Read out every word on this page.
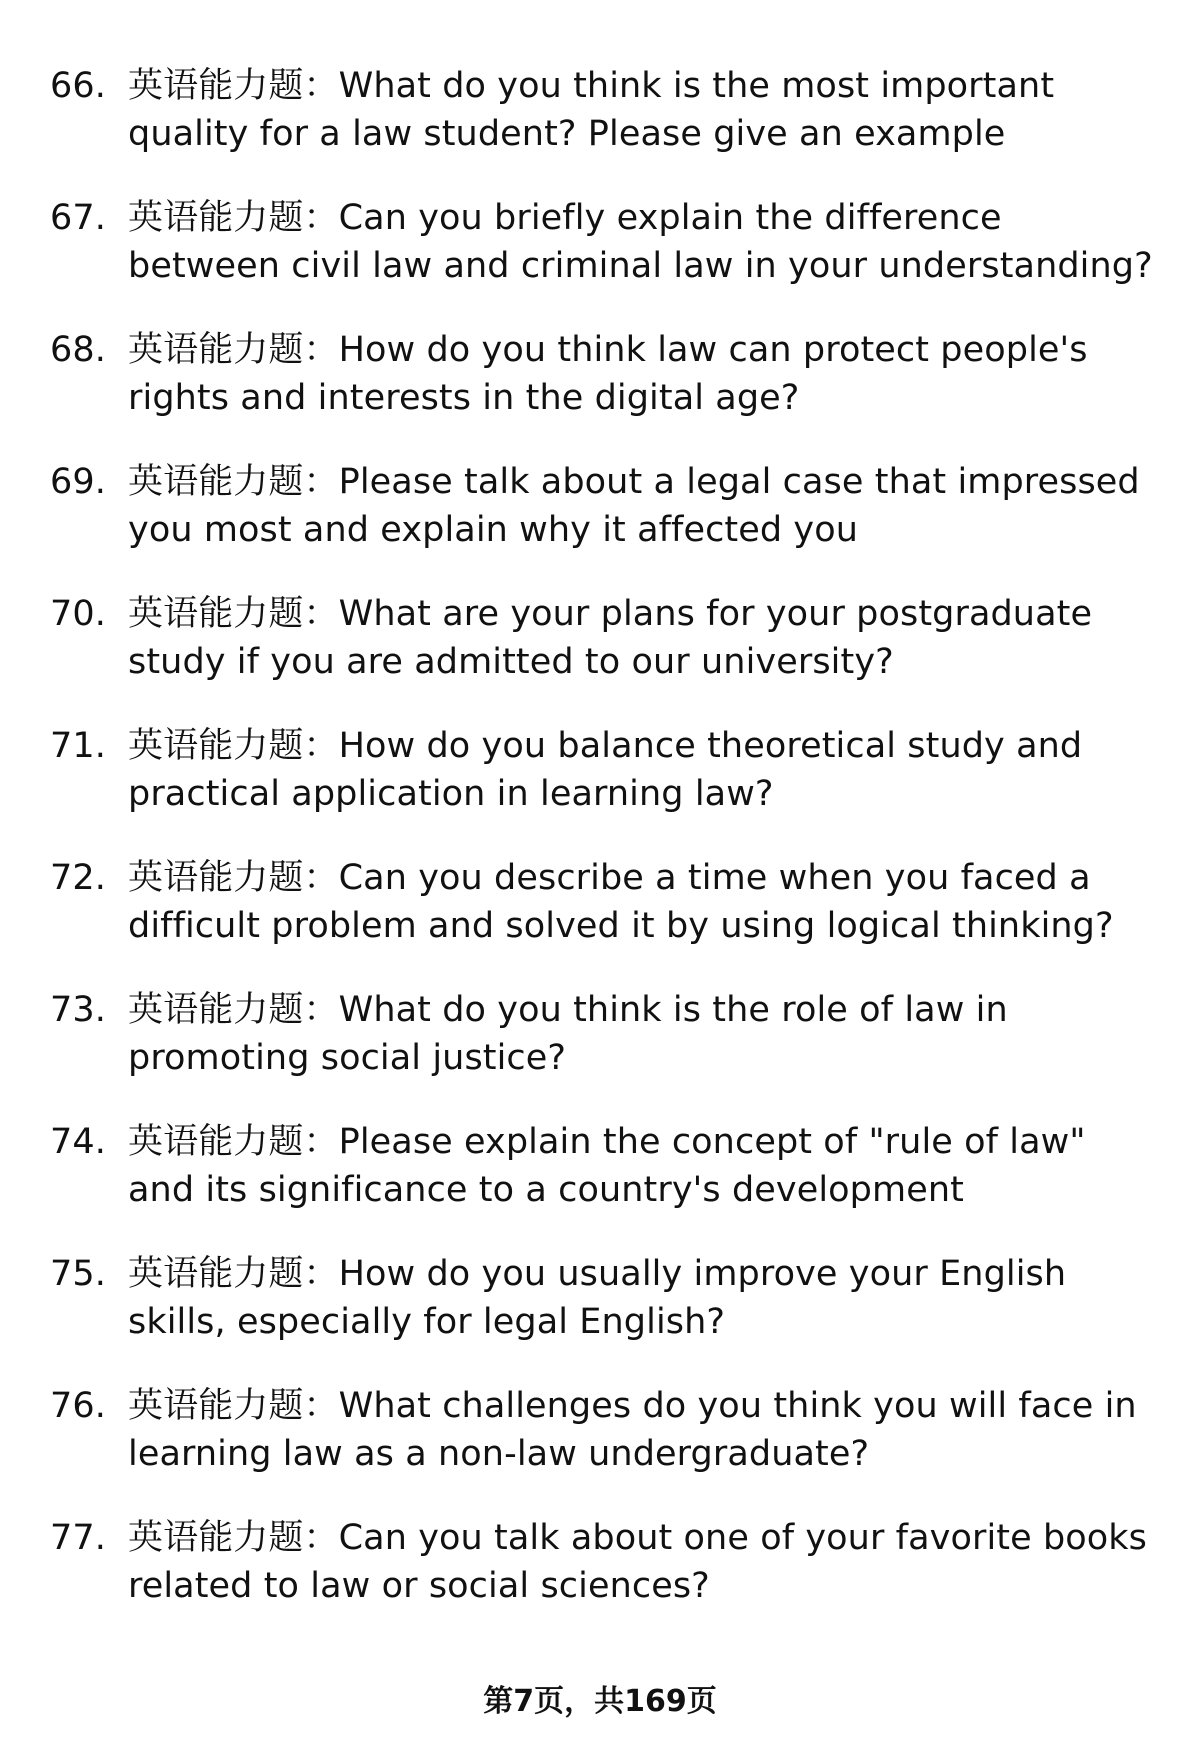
66. 英语能力题：What do you think is the most important quality for a law student? Please give an example
67. 英语能力题：Can you briefly explain the difference between civil law and criminal law in your understanding?
68. 英语能力题：How do you think law can protect people's rights and interests in the digital age?
69. 英语能力题：Please talk about a legal case that impressed you most and explain why it affected you
70. 英语能力题：What are your plans for your postgraduate study if you are admitted to our university?
71. 英语能力题：How do you balance theoretical study and practical application in learning law?
72. 英语能力题：Can you describe a time when you faced a difficult problem and solved it by using logical thinking?
73. 英语能力题：What do you think is the role of law in promoting social justice?
74. 英语能力题：Please explain the concept of "rule of law" and its significance to a country's development
75. 英语能力题：How do you usually improve your English skills, especially for legal English?
76. 英语能力题：What challenges do you think you will face in learning law as a non-law undergraduate?
77. 英语能力题：Can you talk about one of your favorite books related to law or social sciences?
第7页，共169页
